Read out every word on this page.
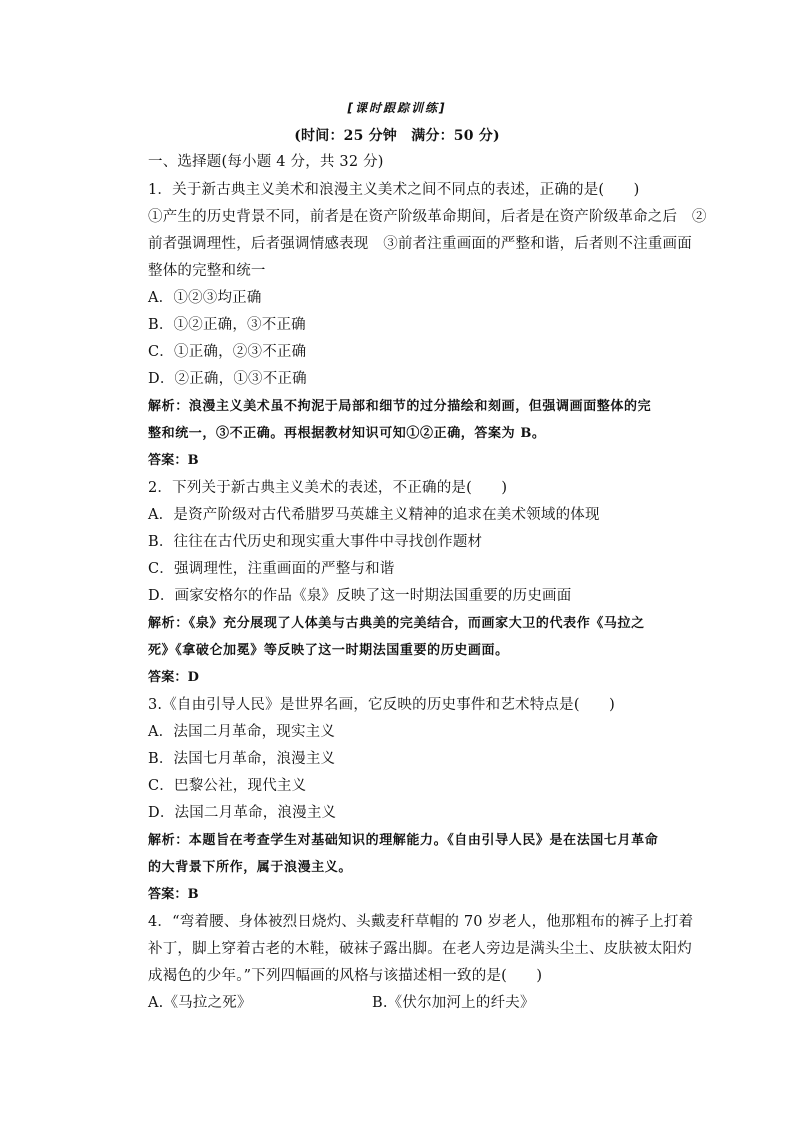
[课时跟踪训练]

(时间：25 分钟　满分：50 分)

一、选择题(每小题 4 分，共 32 分)

1．关于新古典主义美术和浪漫主义美术之间不同点的表述，正确的是(　　)

①产生的历史背景不同，前者是在资产阶级革命期间，后者是在资产阶级革命之后　②

前者强调理性，后者强调情感表现　③前者注重画面的严整和谐，后者则不注重画面

整体的完整和统一

A．①②③均正确

B．①②正确，③不正确

C．①正确，②③不正确

D．②正确，①③不正确

解析：浪漫主义美术虽不拘泥于局部和细节的过分描绘和刻画，但强调画面整体的完

整和统一，③不正确。再根据教材知识可知①②正确，答案为 B。

答案：B

2．下列关于新古典主义美术的表述，不正确的是(　　)

A．是资产阶级对古代希腊罗马英雄主义精神的追求在美术领域的体现

B．往往在古代历史和现实重大事件中寻找创作题材

C．强调理性，注重画面的严整与和谐

D．画家安格尔的作品《泉》反映了这一时期法国重要的历史画面

解析：《泉》充分展现了人体美与古典美的完美结合，而画家大卫的代表作《马拉之

死》《拿破仑加冕》等反映了这一时期法国重要的历史画面。

答案：D

3.《自由引导人民》是世界名画，它反映的历史事件和艺术特点是(　　)

A．法国二月革命，现实主义

B．法国七月革命，浪漫主义

C．巴黎公社，现代主义

D．法国二月革命，浪漫主义

解析：本题旨在考查学生对基础知识的理解能力。《自由引导人民》是在法国七月革命

的大背景下所作，属于浪漫主义。

答案：B

4．“弯着腰、身体被烈日烧灼、头戴麦秆草帽的 70 岁老人，他那粗布的裤子上打着

补丁，脚上穿着古老的木鞋，破袜子露出脚。在老人旁边是满头尘土、皮肤被太阳灼

成褐色的少年。”下列四幅画的风格与该描述相一致的是(　　)

A.《马拉之死》	B.《伏尔加河上的纤夫》
